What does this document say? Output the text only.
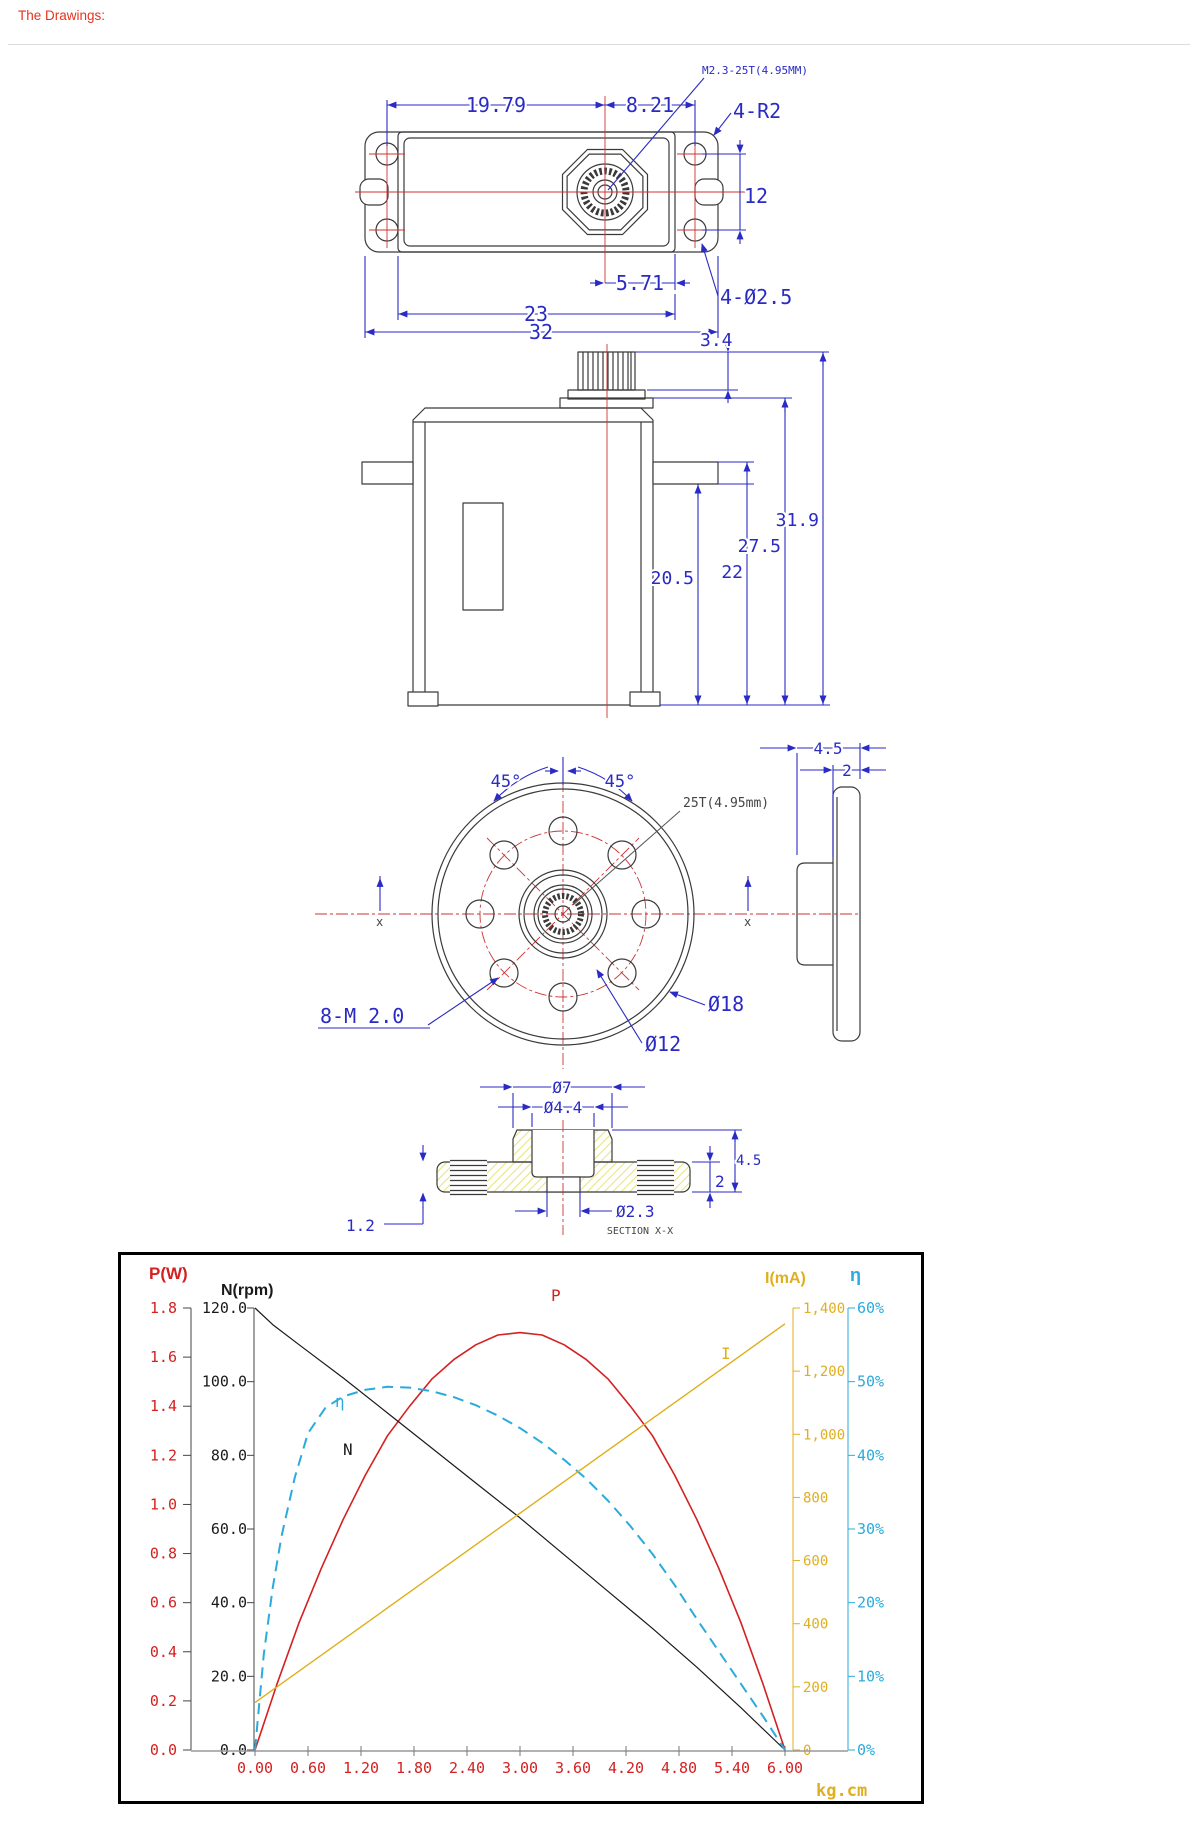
The Drawings:
19.79	8.21
M2.3-25T(4.95MM)
4-R2
12
4-Ø2.5
5.71
23
32	3.4
20.5 22
27.5
31.9
x	x
45°	45°
25T(4.95mm)
8-M 2.0	Ø18
Ø12
4.5
2
Ø7
Ø4.4
4.5
2
1.2
Ø2.3
SECTION X-X
1.8
1.6
1.4
1.2
1.0
0.8
0.6
0.4
0.2
0.0
P(W)
120.0
100.0
80.0
60.0
40.0
20.0
0.0
N(rpm)
1,400
1,200
1,000
800
600
400
200
0
I(mA)
60%
50%
40%
30%
20%
10%
0%
η
0.00 0.60 1.20 1.80 2.40 3.00 3.60 4.20 4.80 5.40 6.00
kg.cm
P
N
η
I
